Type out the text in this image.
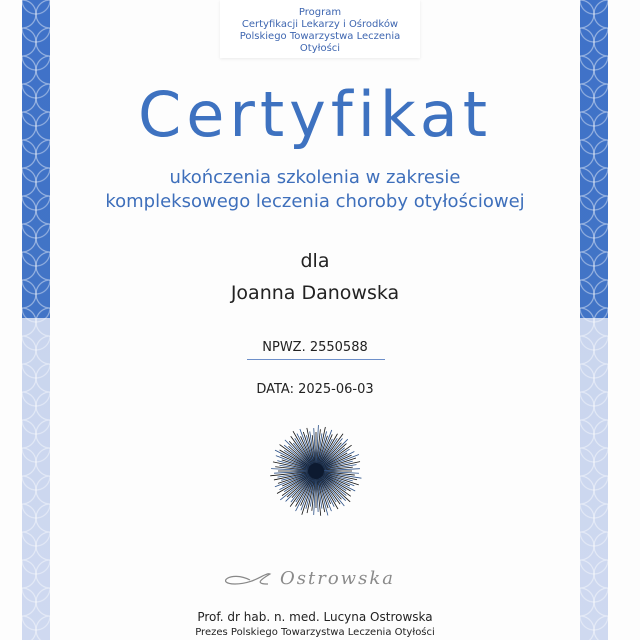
Program
Certyfikacji Lekarzy i Ośrodków
Polskiego Towarzystwa Leczenia Otyłości
Certyfikat
ukończenia szkolenia w zakresie
kompleksowego leczenia choroby otyłościowej
dla
Joanna Danowska
NPWZ. 2550588
DATA: 2025-06-03
Ostrowska
Prof. dr hab. n. med. Lucyna Ostrowska
Prezes Polskiego Towarzystwa Leczenia Otyłości
